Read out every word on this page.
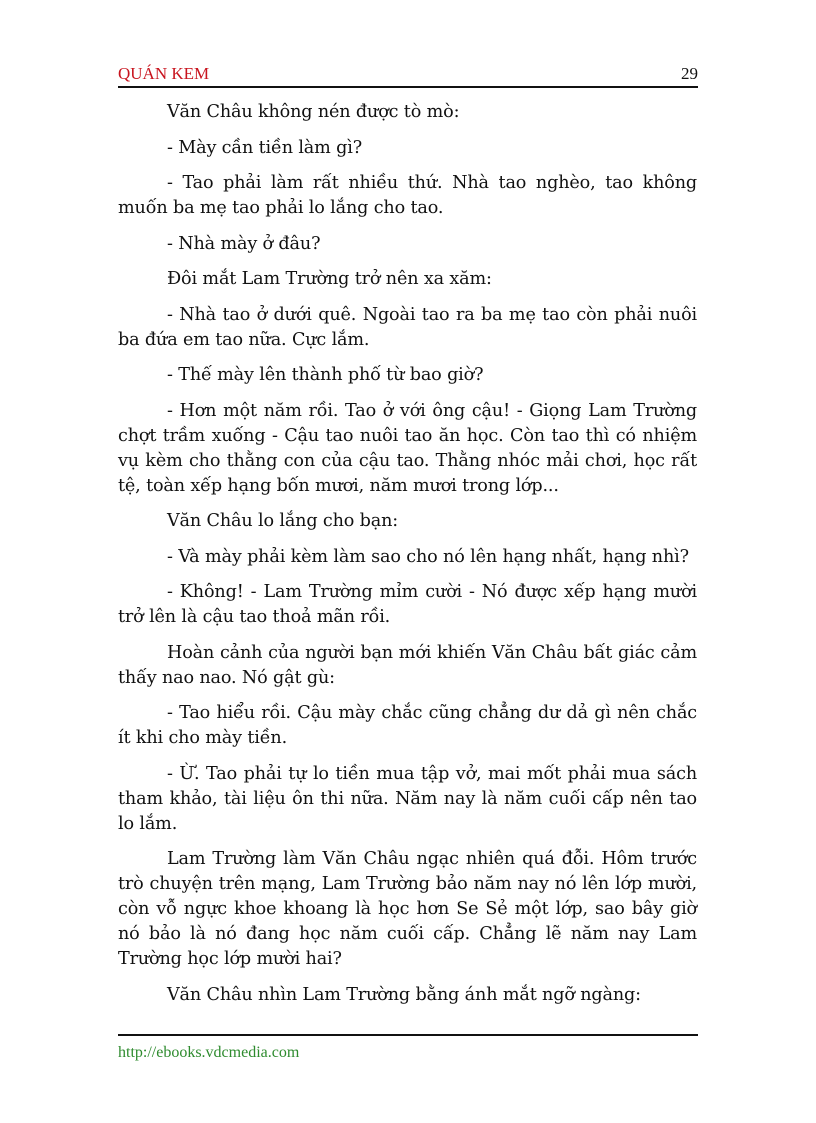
QUÁN KEM	29

Văn Châu không nén được tò mò:

- Mày cần tiền làm gì?

- Tao phải làm rất nhiều thứ. Nhà tao nghèo, tao không muốn ba mẹ tao phải lo lắng cho tao.

- Nhà mày ở đâu?

Đôi mắt Lam Trường trở nên xa xăm:

- Nhà tao ở dưới quê. Ngoài tao ra ba mẹ tao còn phải nuôi ba đứa em tao nữa. Cực lắm.

- Thế mày lên thành phố từ bao giờ?

- Hơn một năm rồi. Tao ở với ông cậu! - Giọng Lam Trường chợt trầm xuống - Cậu tao nuôi tao ăn học. Còn tao thì có nhiệm vụ kèm cho thằng con của cậu tao. Thằng nhóc mải chơi, học rất tệ, toàn xếp hạng bốn mươi, năm mươi trong lớp...

Văn Châu lo lắng cho bạn:

- Và mày phải kèm làm sao cho nó lên hạng nhất, hạng nhì?

- Không! - Lam Trường mỉm cười - Nó được xếp hạng mười trở lên là cậu tao thoả mãn rồi.

Hoàn cảnh của người bạn mới khiến Văn Châu bất giác cảm thấy nao nao. Nó gật gù:

- Tao hiểu rồi. Cậu mày chắc cũng chẳng dư dả gì nên chắc ít khi cho mày tiền.

- Ừ. Tao phải tự lo tiền mua tập vở, mai mốt phải mua sách tham khảo, tài liệu ôn thi nữa. Năm nay là năm cuối cấp nên tao lo lắm.

Lam Trường làm Văn Châu ngạc nhiên quá đỗi. Hôm trước trò chuyện trên mạng, Lam Trường bảo năm nay nó lên lớp mười, còn vỗ ngực khoe khoang là học hơn Se Sẻ một lớp, sao bây giờ nó bảo là nó đang học năm cuối cấp. Chẳng lẽ năm nay Lam Trường học lớp mười hai?

Văn Châu nhìn Lam Trường bằng ánh mắt ngỡ ngàng:

http://ebooks.vdcmedia.com
